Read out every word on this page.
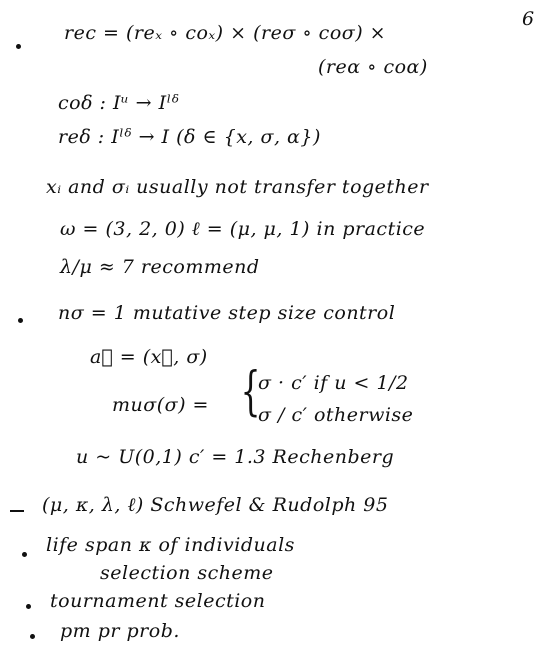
6
rec = (reₓ ∘ coₓ) × (reσ ∘ coσ) ×
(reα ∘ coα)
coδ : Iᵘ → Iˡᵟ
reδ : Iˡᵟ → I (δ ∈ {x, σ, α})
xᵢ and σᵢ usually not transfer together
ω = (3, 2, 0) ℓ = (μ, μ, 1) in practice
λ/μ ≈ 7 recommend
nσ = 1 mutative step size control
a⃗ = (x⃗, σ)
muσ(σ) = {
σ · c′ if u < 1/2
σ / c′ otherwise
u ~ U(0,1) c′ = 1.3 Rechenberg
(μ, κ, λ, ℓ) Schwefel & Rudolph 95
life span κ of individuals
selection scheme
tournament selection
pm pr prob.
